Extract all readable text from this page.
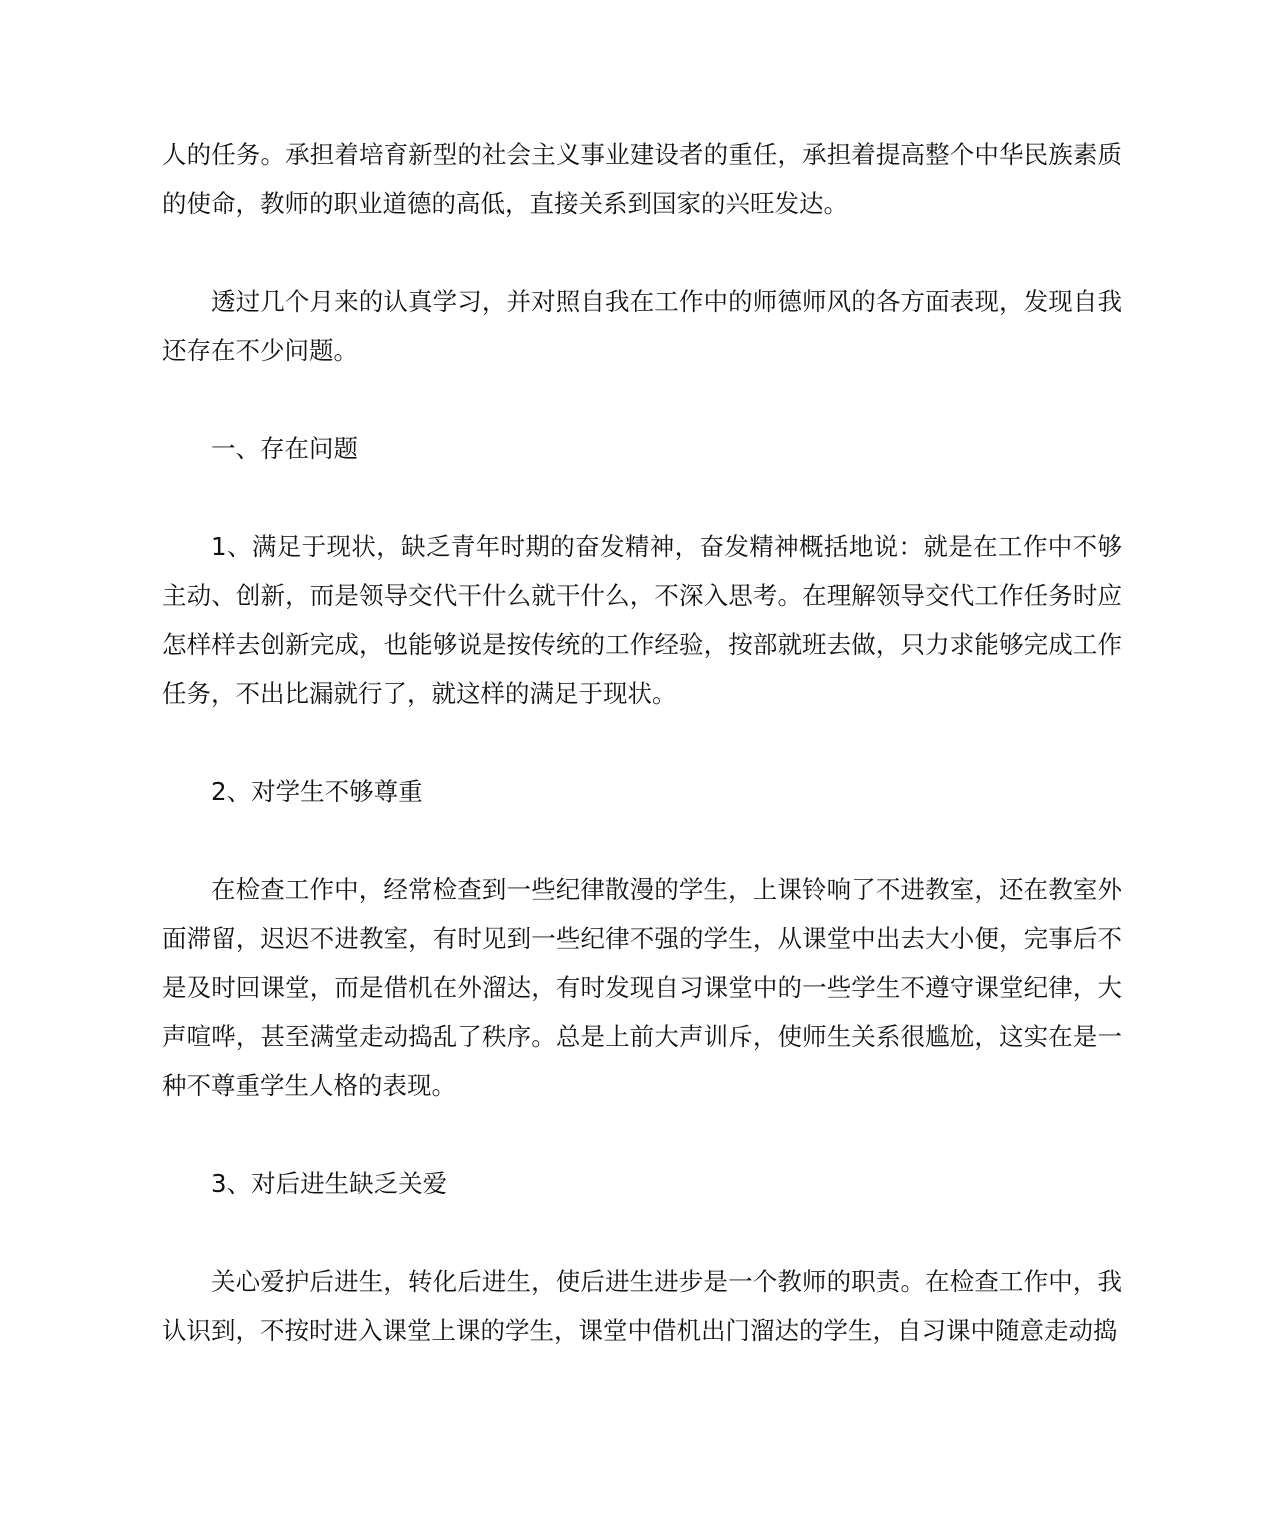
人的任务。承担着培育新型的社会主义事业建设者的重任，承担着提高整个中华民族素质的使命，教师的职业道德的高低，直接关系到国家的兴旺发达。

透过几个月来的认真学习，并对照自我在工作中的师德师风的各方面表现，发现自我还存在不少问题。

一、存在问题

1、满足于现状，缺乏青年时期的奋发精神，奋发精神概括地说：就是在工作中不够主动、创新，而是领导交代干什么就干什么，不深入思考。在理解领导交代工作任务时应怎样样去创新完成，也能够说是按传统的工作经验，按部就班去做，只力求能够完成工作任务，不出比漏就行了，就这样的满足于现状。

2、对学生不够尊重

在检查工作中，经常检查到一些纪律散漫的学生，上课铃响了不进教室，还在教室外面滞留，迟迟不进教室，有时见到一些纪律不强的学生，从课堂中出去大小便，完事后不是及时回课堂，而是借机在外溜达，有时发现自习课堂中的一些学生不遵守课堂纪律，大声喧哗，甚至满堂走动捣乱了秩序。总是上前大声训斥，使师生关系很尴尬，这实在是一种不尊重学生人格的表现。

3、对后进生缺乏关爱

关心爱护后进生，转化后进生，使后进生进步是一个教师的职责。在检查工作中，我认识到，不按时进入课堂上课的学生，课堂中借机出门溜达的学生，自习课中随意走动捣
